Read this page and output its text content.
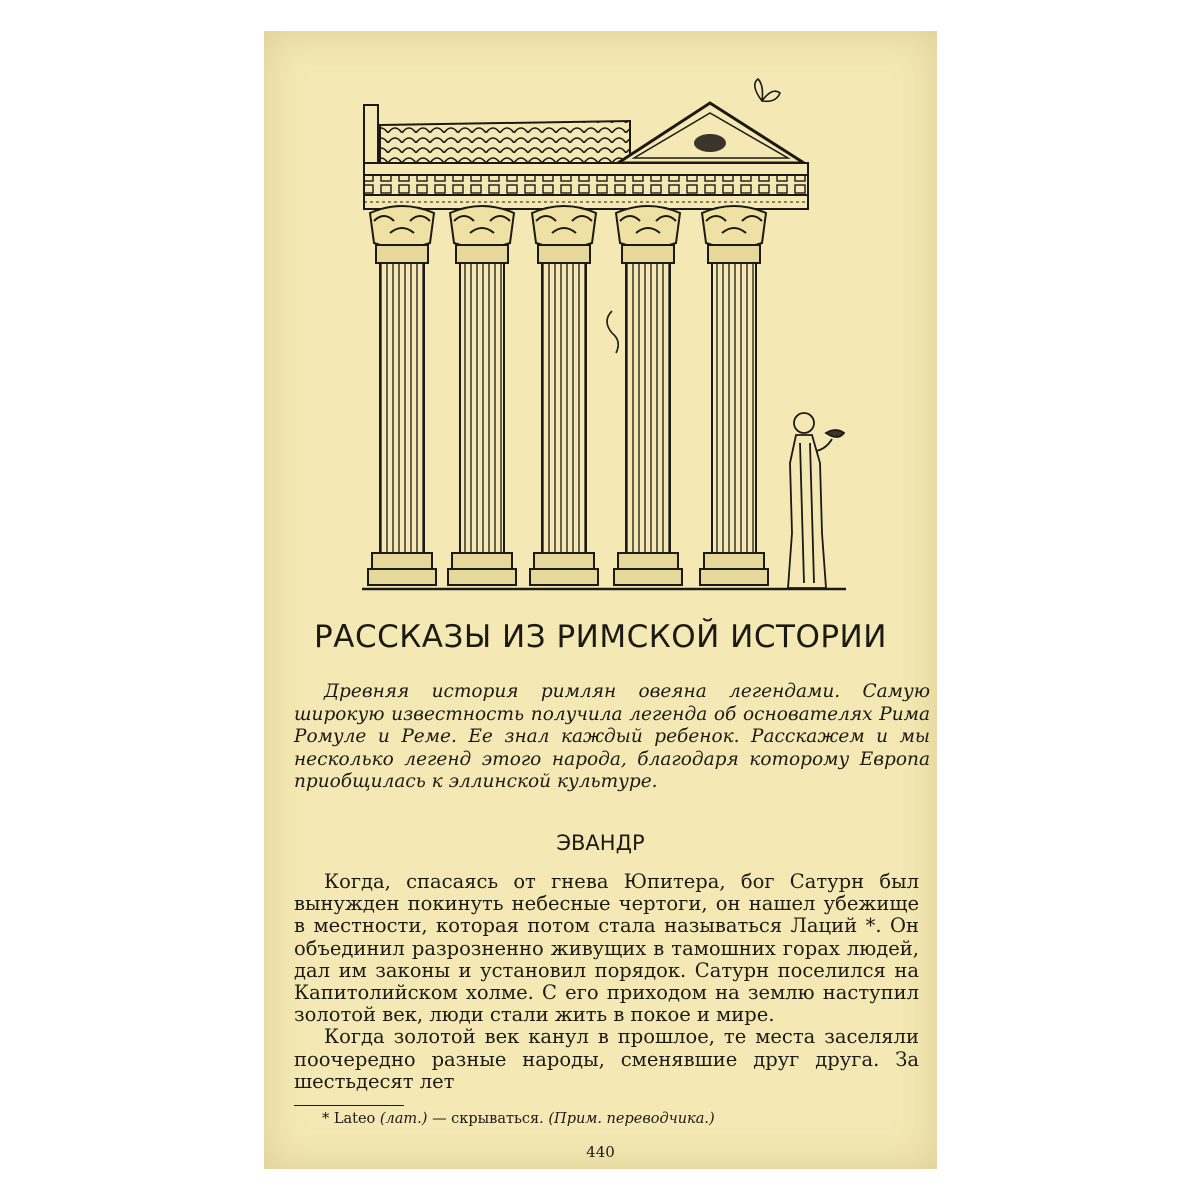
РАССКАЗЫ ИЗ РИМСКОЙ ИСТОРИИ

Древняя история римлян овеяна легендами. Самую широкую известность получила легенда об основателях Рима Ромуле и Реме. Ее знал каждый ребенок. Расскажем и мы несколько легенд этого народа, благодаря которому Европа приобщилась к эллинской культуре.

ЭВАНДР

Когда, спасаясь от гнева Юпитера, бог Сатурн был вынужден покинуть небесные чертоги, он нашел убежище в местности, которая потом стала называться Лаций *. Он объединил разрозненно живущих в тамошних горах людей, дал им законы и установил порядок. Сатурн поселился на Капитолийском холме. С его приходом на землю наступил золотой век, люди стали жить в покое и мире.

Когда золотой век канул в прошлое, те места заселяли поочередно разные народы, сменявшие друг друга. За шестьдесят лет

* Lateo (лат.) — скрываться. (Прим. переводчика.)
440
